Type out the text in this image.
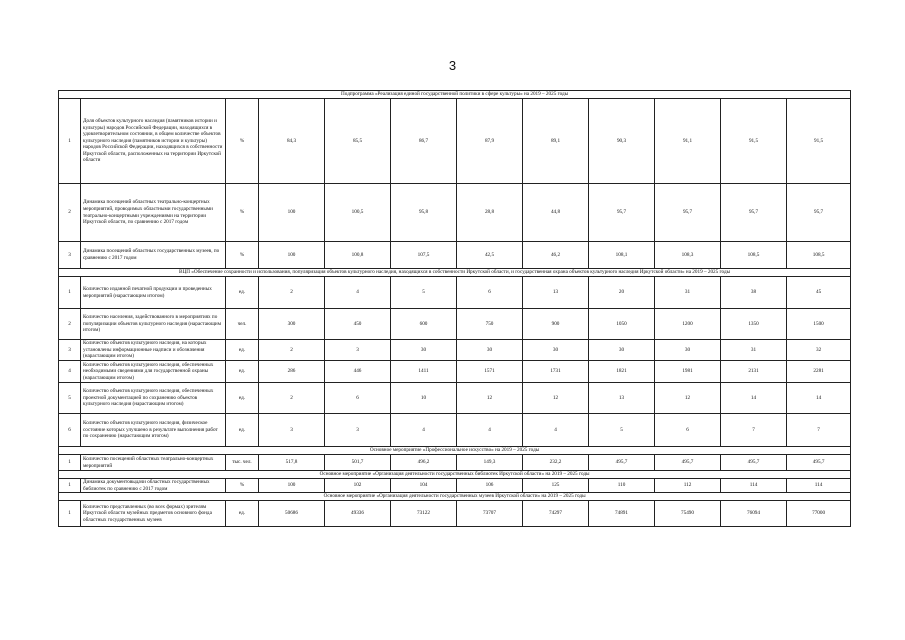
3
Подпрограмма «Реализация единой государственной политики в сфере культуры» на 2019 – 2025 годы											
1	Доля объектов культурного наследия (памятников истории и культуры) народов Российской Федерации, находящихся в удовлетворительном состоянии, в общем количестве объектов культурного наследия (памятников истории и культуры) народов Российской Федерации, находящихся в собственности Иркутской области, расположенных на территории Иркутской области	%	84,3	85,5	86,7	87,9	89,1	90,3	91,1	91,5	91,5
2	Динамика посещений областных театрально-концертных мероприятий, проводимых областными государственными театрально-концертными учреждениями на территории Иркутской области, по сравнению с 2017 годом	%	100	100,5	95,8	28,8	44,8	95,7	95,7	95,7	95,7
3	Динамика посещений областных государственных музеев, по сравнению с 2017 годом	%	100	100,8	107,5	42,5	46,2	108,1	108,3	108,5	108,5
ВЦП «Обеспечение сохранности и использования, популяризация объектов культурного наследия, находящихся в собственности Иркутской области, и государственная охрана объектов культурного наследия Иркутской области» на 2019 – 2025 годы											
1	Количество изданной печатной продукции и проведенных мероприятий (нарастающим итогом)	ед.	2	4	5	6	13	20	31	38	45
2	Количество населения, задействованного в мероприятиях по популяризации объектов культурного наследия (нарастающим итогом)	чел.	300	450	600	750	900	1050	1200	1350	1500
3	Количество объектов культурного наследия, на которых установлены информационные надписи и обозначения (нарастающим итогом)	ед.	2	3	30	30	30	30	30	31	32
4	Количество объектов культурного наследия, обеспеченных необходимыми сведениями для государственной охраны (нарастающим итогом)	ед.	286	446	1411	1571	1731	1821	1981	2131	2281
5	Количество объектов культурного наследия, обеспеченных проектной документацией по сохранению объектов культурного наследия (нарастающим итогом)	ед.	2	6	10	12	12	13	12	14	14
6	Количество объектов культурного наследия, физическое состояние которых улучшено в результате выполнения работ по сохранению (нарастающим итогом)	ед.	3	3	4	4	4	5	6	7	7
Основное мероприятие «Профессиональное искусство» на 2019 – 2025 годы											
1	Количество посещений областных театрально-концертных мероприятий	тыс. чел.	517,8	501,7	496,2	149,3	232,2	495,7	495,7	495,7	495,7
Основное мероприятие «Организация деятельности государственных библиотек Иркутской области» на 2019 – 2025 годы											
1	Динамика документовыдачи областных государственных библиотек по сравнению с 2017 годом	%	100	102	104	106	125	110	112	114	114
Основное мероприятие «Организация деятельности государственных музеев Иркутской области» на 2019 – 2025 годы											
1	Количество представленных (во всех формах) зрителям Иркутской области музейных предметов основного фонда областных государственных музеев	ед.	50686	49336	73122	73707	74297	74891	75490	76094	77000
